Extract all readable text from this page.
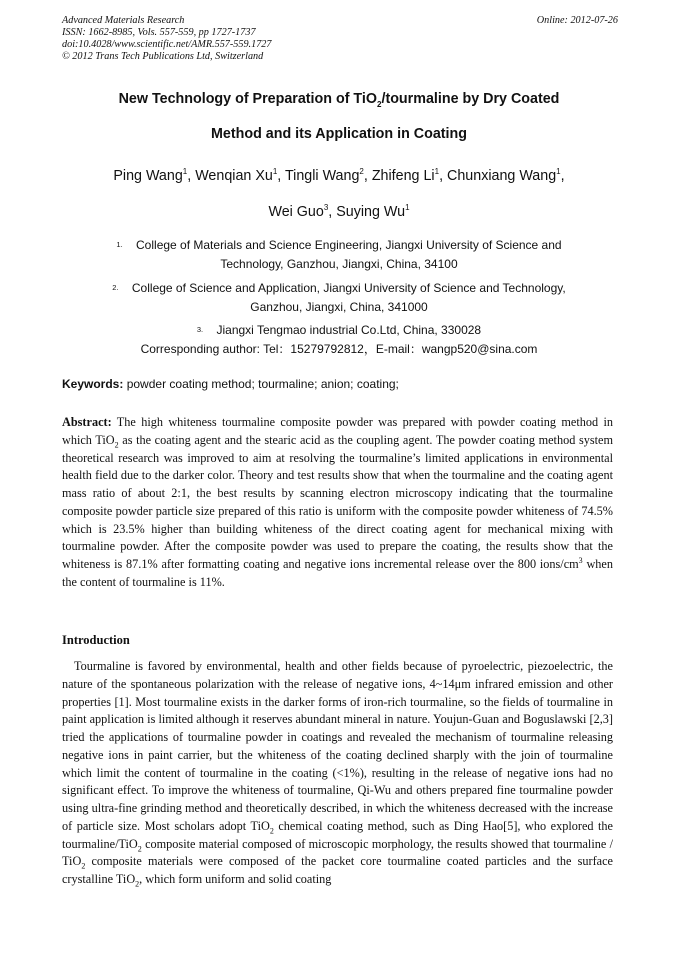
Advanced Materials Research
ISSN: 1662-8985, Vols. 557-559, pp 1727-1737
doi:10.4028/www.scientific.net/AMR.557-559.1727
© 2012 Trans Tech Publications Ltd, Switzerland
Online: 2012-07-26
New Technology of Preparation of TiO$_2$/tourmaline by Dry Coated
Method and its Application in Coating
Ping Wang$^1$, Wenqian Xu$^1$, Tingli Wang$^2$, Zhifeng Li$^1$, Chunxiang Wang$^1$,
Wei Guo$^3$, Suying Wu$^1$
$^{1.}$ College of Materials and Science Engineering, Jiangxi University of Science and
Technology, Ganzhou, Jiangxi, China, 34100
$^{2.}$ College of Science and Application, Jiangxi University of Science and Technology,
Ganzhou, Jiangxi, China, 341000
$^{3.}$ Jiangxi Tengmao industrial Co.Ltd, China, 330028
Corresponding author: Tel：15279792812，E-mail：wangp520@sina.com
Keywords: powder coating method; tourmaline; anion; coating;
Abstract: The high whiteness tourmaline composite powder was prepared with powder coating method in which TiO$_2$ as the coating agent and the stearic acid as the coupling agent. The powder coating method system theoretical research was improved to aim at resolving the tourmaline’s limited applications in environmental health field due to the darker color. Theory and test results show that when the tourmaline and the coating agent mass ratio of about 2:1, the best results by scanning electron microscopy indicating that the tourmaline composite powder particle size prepared of this ratio is uniform with the composite powder whiteness of 74.5% which is 23.5% higher than building whiteness of the direct coating agent for mechanical mixing with tourmaline powder. After the composite powder was used to prepare the coating, the results show that the whiteness is 87.1% after formatting coating and negative ions incremental release over the 800 ions/$cm^3$ when the content of tourmaline is 11%.
Introduction
Tourmaline is favored by environmental, health and other fields because of pyroelectric, piezoelectric, the nature of the spontaneous polarization with the release of negative ions, 4~14μm infrared emission and other properties [1]. Most tourmaline exists in the darker forms of iron-rich tourmaline, so the fields of tourmaline in paint application is limited although it reserves abundant mineral in nature. Youjun-Guan and Boguslawski [2,3] tried the applications of tourmaline powder in coatings and revealed the mechanism of tourmaline releasing negative ions in paint carrier, but the whiteness of the coating declined sharply with the join of tourmaline which limit the content of tourmaline in the coating (<1%), resulting in the release of negative ions had no significant effect. To improve the whiteness of tourmaline, Qi-Wu and others prepared fine tourmaline powder using ultra-fine grinding method and theoretically described, in which the whiteness decreased with the increase of particle size. Most scholars adopt TiO$_2$ chemical coating method, such as Ding Hao[5], who explored the tourmaline/TiO$_2$ composite material composed of microscopic morphology, the results showed that tourmaline / TiO$_2$ composite materials were composed of the packet core tourmaline coated particles and the surface crystalline TiO$_2$, which form uniform and solid coating
